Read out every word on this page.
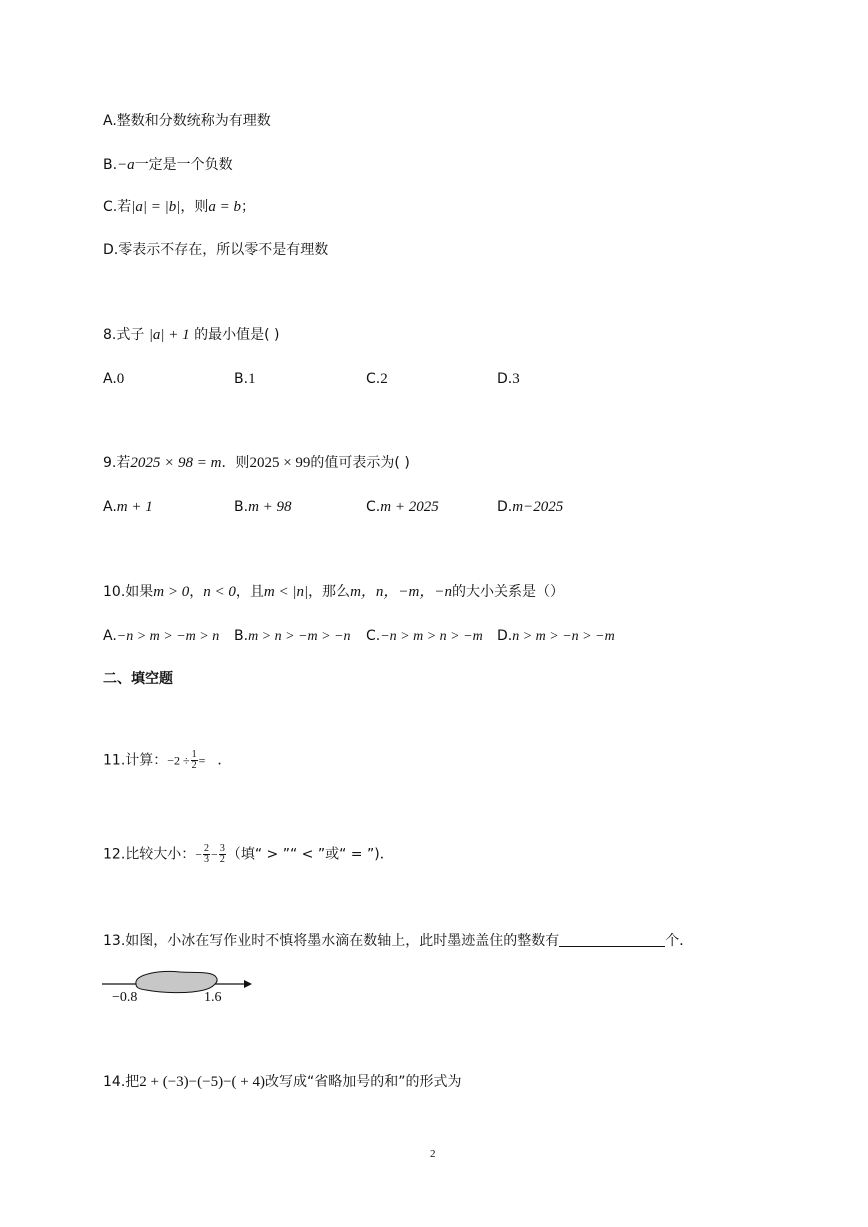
A.整数和分数统称为有理数
B.−a一定是一个负数
C.若|a| = |b|，则a = b；
D.零表示不存在，所以零不是有理数
8.式子 |a| + 1 的最小值是( )
A.0	B.1	C.2	D.3
9.若2025 × 98 = m．则2025 × 99的值可表示为( )
A.m + 1	B.m + 98	C.m + 2025	D.m−2025
10.如果m > 0，n < 0，且m < |n|，那么m，n，−m，−n的大小关系是（）
A.−n > m > −m > n B.m > n > −m > −n C.−n > m > n > −m D.n > m > −n > −m
二、填空题
11.计算：$-2 \div \frac{1}{2}$ = ．
12.比较大小：− $\frac{2}{3} - \frac{3}{2}$ （填“ > ”“ < ”或“ = ”)．
13.如图，小冰在写作业时不慎将墨水滴在数轴上，此时墨迹盖住的整数有	个．
−0.8	1.6
14.把2 + (−3)−(−5)−( + 4)改写成“省略加号的和”的形式为
2
